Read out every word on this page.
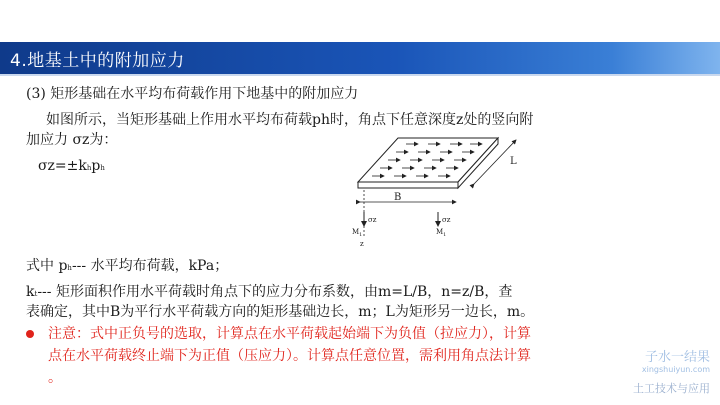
4.地基土中的附加应力
(3) 矩形基础在水平均布荷载作用下地基中的附加应力
如图所示，当矩形基础上作用水平均布荷载ph时，角点下任意深度z处的竖向附
加应力 σz为：
σz=±khph
L
B
σz	σz
$M_1$	$M_1$
z
式中 ph--- 水平均布荷载，kPa；
kt--- 矩形面积作用水平荷载时角点下的应力分布系数，由m=L/B，n=z/B，查
表确定，其中B为平行水平荷载方向的矩形基础边长，m；L为矩形另一边长，m。
注意：式中正负号的选取，计算点在水平荷载起始端下为负值（拉应力），计算
点在水平荷载终止端下为正值（压应力）。计算点任意位置，需利用角点法计算
。
子水一结果
xingshuiyun.com
土工技术与应用
